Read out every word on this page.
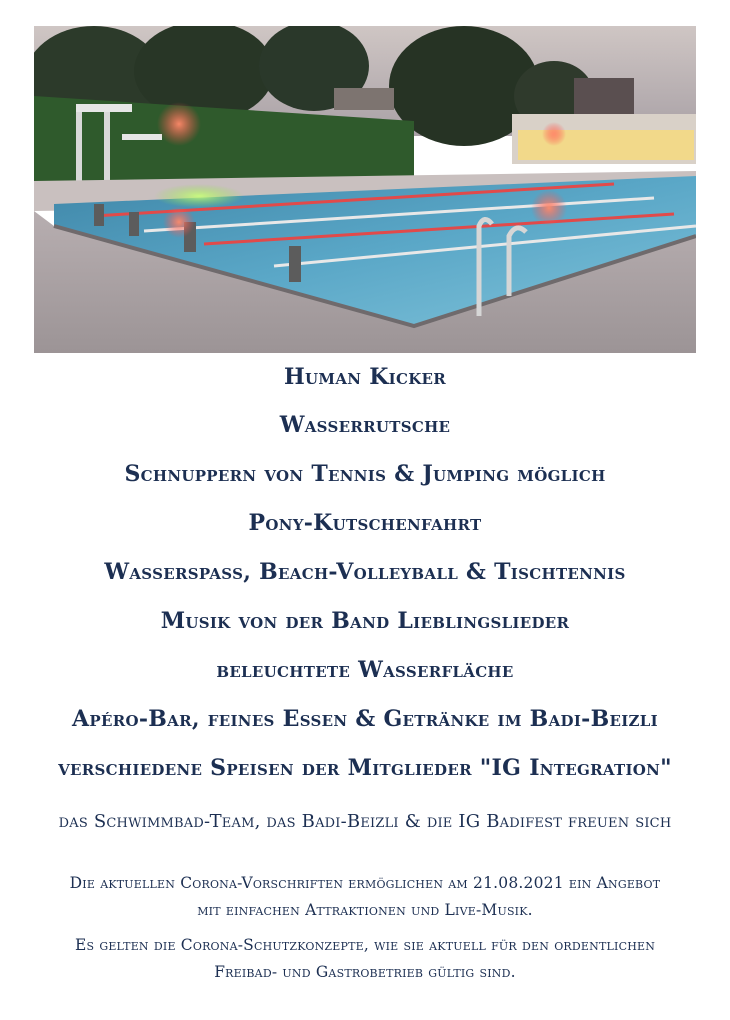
Human Kicker
Wasserrutsche
Schnuppern von Tennis & Jumping möglich
Pony-Kutschenfahrt
Wasserspass, Beach-Volleyball & Tischtennis
Musik von der Band Lieblingslieder
beleuchtete Wasserfläche
Apéro-Bar, feines Essen & Getränke im Badi-Beizli
verschiedene Speisen der Mitglieder "IG Integration"
das Schwimmbad-Team, das Badi-Beizli & die IG Badifest freuen sich
Die aktuellen Corona-Vorschriften ermöglichen am 21.08.2021 ein Angebot
mit einfachen Attraktionen und Live-Musik.
Es gelten die Corona-Schutzkonzepte, wie sie aktuell für den ordentlichen
Freibad- und Gastrobetrieb gültig sind.
